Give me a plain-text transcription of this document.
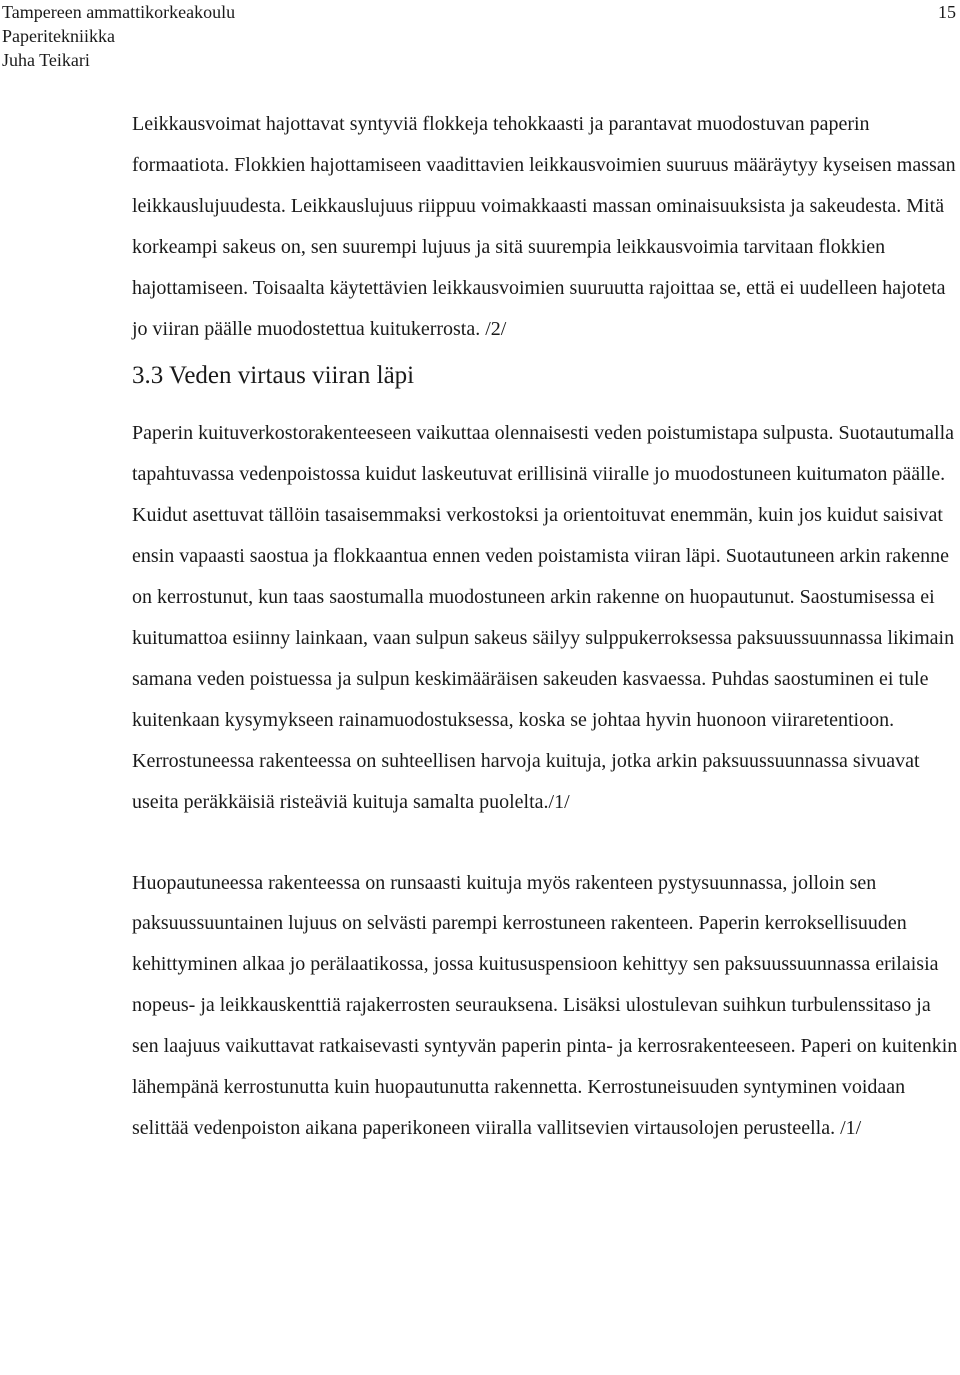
Tampereen ammattikorkeakoulu
Paperitekniikka
Juha Teikari
15

Leikkausvoimat hajottavat syntyviä flokkeja tehokkaasti ja parantavat muodostuvan paperin formaatiota. Flokkien hajottamiseen vaadittavien leikkausvoimien suuruus määräytyy kyseisen massan leikkauslujuudesta. Leikkauslujuus riippuu voimakkaasti massan ominaisuuksista ja sakeudesta. Mitä korkeampi sakeus on, sen suurempi lujuus ja sitä suurempia leikkausvoimia tarvitaan flokkien hajottamiseen. Toisaalta käytettävien leikkausvoimien suuruutta rajoittaa se, että ei uudelleen hajoteta jo viiran päälle muodostettua kuitukerrosta. /2/

3.3 Veden virtaus viiran läpi

Paperin kuituverkostorakenteeseen vaikuttaa olennaisesti veden poistumistapa sulpusta. Suotautumalla tapahtuvassa vedenpoistossa kuidut laskeutuvat erillisinä viiralle jo muodostuneen kuitumaton päälle. Kuidut asettuvat tällöin tasaisemmaksi verkostoksi ja orientoituvat enemmän, kuin jos kuidut saisivat ensin vapaasti saostua ja flokkaantua ennen veden poistamista viiran läpi. Suotautuneen arkin rakenne on kerrostunut, kun taas saostumalla muodostuneen arkin rakenne on huopautunut. Saostumisessa ei kuitumattoa esiinny lainkaan, vaan sulpun sakeus säilyy sulppukerroksessa paksuussuunnassa likimain samana veden poistuessa ja sulpun keskimääräisen sakeuden kasvaessa. Puhdas saostuminen ei tule kuitenkaan kysymykseen rainamuodostuksessa, koska se johtaa hyvin huonoon viiraretentioon. Kerrostuneessa rakenteessa on suhteellisen harvoja kuituja, jotka arkin paksuussuunnassa sivuavat useita peräkkäisiä risteäviä kuituja samalta puolelta./1/

Huopautuneessa rakenteessa on runsaasti kuituja myös rakenteen pystysuunnassa, jolloin sen paksuussuuntainen lujuus on selvästi parempi kerrostuneen rakenteen. Paperin kerroksellisuuden kehittyminen alkaa jo perälaatikossa, jossa kuitususpensioon kehittyy sen paksuussuunnassa erilaisia nopeus- ja leikkauskenttiä rajakerrosten seurauksena. Lisäksi ulostulevan suihkun turbulenssitaso ja sen laajuus vaikuttavat ratkaisevasti syntyvän paperin pinta- ja kerrosrakenteeseen. Paperi on kuitenkin lähempänä kerrostunutta kuin huopautunutta rakennetta. Kerrostuneisuuden syntyminen voidaan selittää vedenpoiston aikana paperikoneen viiralla vallitsevien virtausolojen perusteella. /1/
